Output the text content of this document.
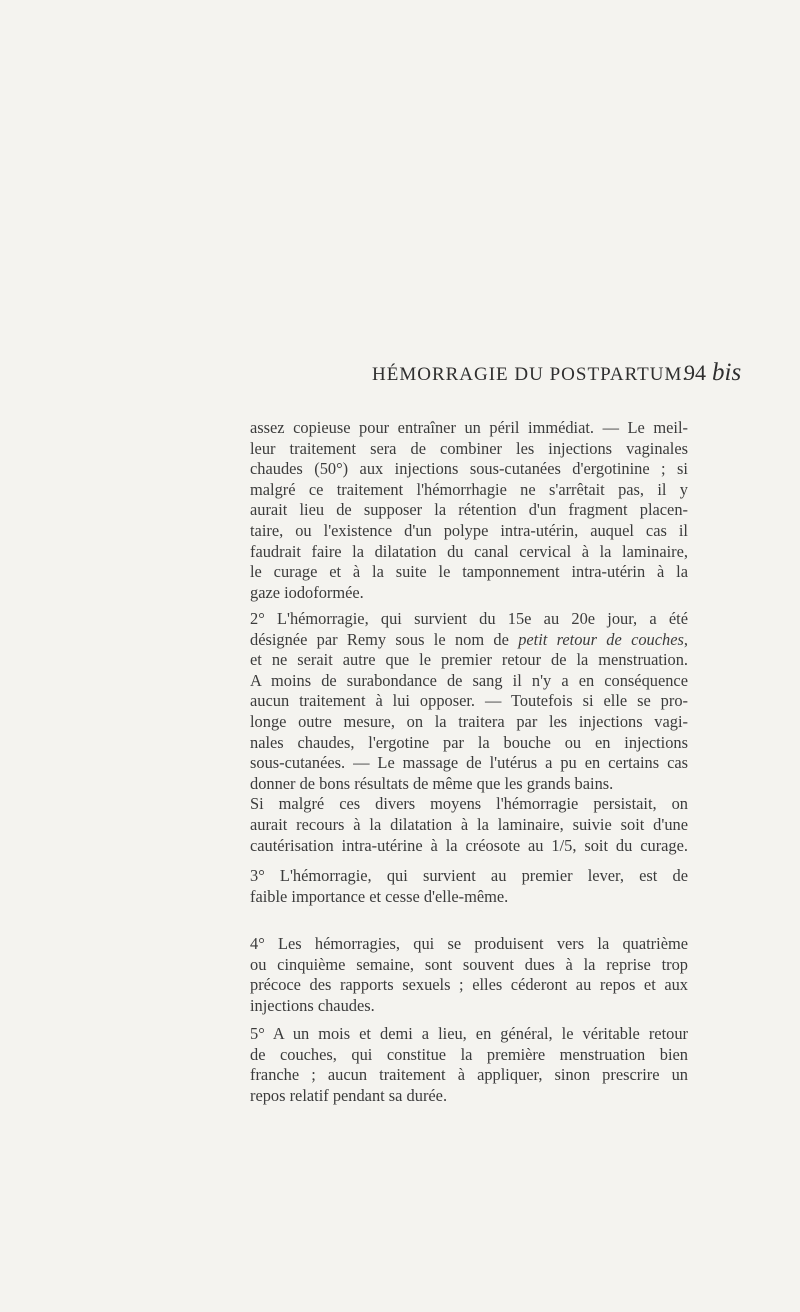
HÉMORRAGIE DU POSTPARTUM.
94 bis
assez copieuse pour entraîner un péril immédiat. — Le meil-
leur traitement sera de combiner les injections vaginales
chaudes (50°) aux injections sous-cutanées d'ergotinine ; si
malgré ce traitement l'hémorrhagie ne s'arrêtait pas, il y
aurait lieu de supposer la rétention d'un fragment placen-
taire, ou l'existence d'un polype intra-utérin, auquel cas il
faudrait faire la dilatation du canal cervical à la laminaire,
le curage et à la suite le tamponnement intra-utérin à la
gaze iodoformée.
2° L'hémorragie, qui survient du 15e au 20e jour, a été
désignée par Remy sous le nom de petit retour de couches,
et ne serait autre que le premier retour de la menstruation.
A moins de surabondance de sang il n'y a en conséquence
aucun traitement à lui opposer. — Toutefois si elle se pro-
longe outre mesure, on la traitera par les injections vagi-
nales chaudes, l'ergotine par la bouche ou en injections
sous-cutanées. — Le massage de l'utérus a pu en certains cas
donner de bons résultats de même que les grands bains.
Si malgré ces divers moyens l'hémorragie persistait, on
aurait recours à la dilatation à la laminaire, suivie soit d'une
cautérisation intra-utérine à la créosote au 1/5, soit du curage.
3° L'hémorragie, qui survient au premier lever, est de
faible importance et cesse d'elle-même.
4° Les hémorragies, qui se produisent vers la quatrième
ou cinquième semaine, sont souvent dues à la reprise trop
précoce des rapports sexuels ; elles céderont au repos et aux
injections chaudes.
5° A un mois et demi a lieu, en général, le véritable retour
de couches, qui constitue la première menstruation bien
franche ; aucun traitement à appliquer, sinon prescrire un
repos relatif pendant sa durée.
